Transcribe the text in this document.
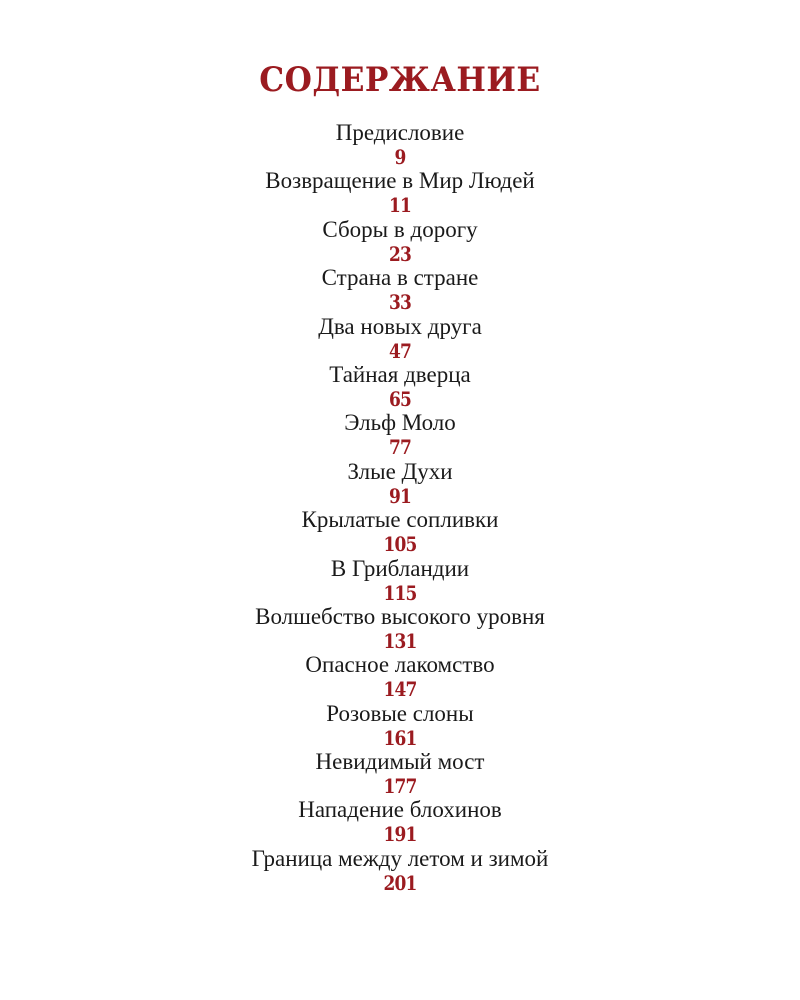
СОДЕРЖАНИЕ
Предисловие
9
Возвращение в Мир Людей
11
Сборы в дорогу
23
Страна в стране
33
Два новых друга
47
Тайная дверца
65
Эльф Моло
77
Злые Духи
91
Крылатые сопливки
105
В Грибландии
115
Волшебство высокого уровня
131
Опасное лакомство
147
Розовые слоны
161
Невидимый мост
177
Нападение блохинов
191
Граница между летом и зимой
201
